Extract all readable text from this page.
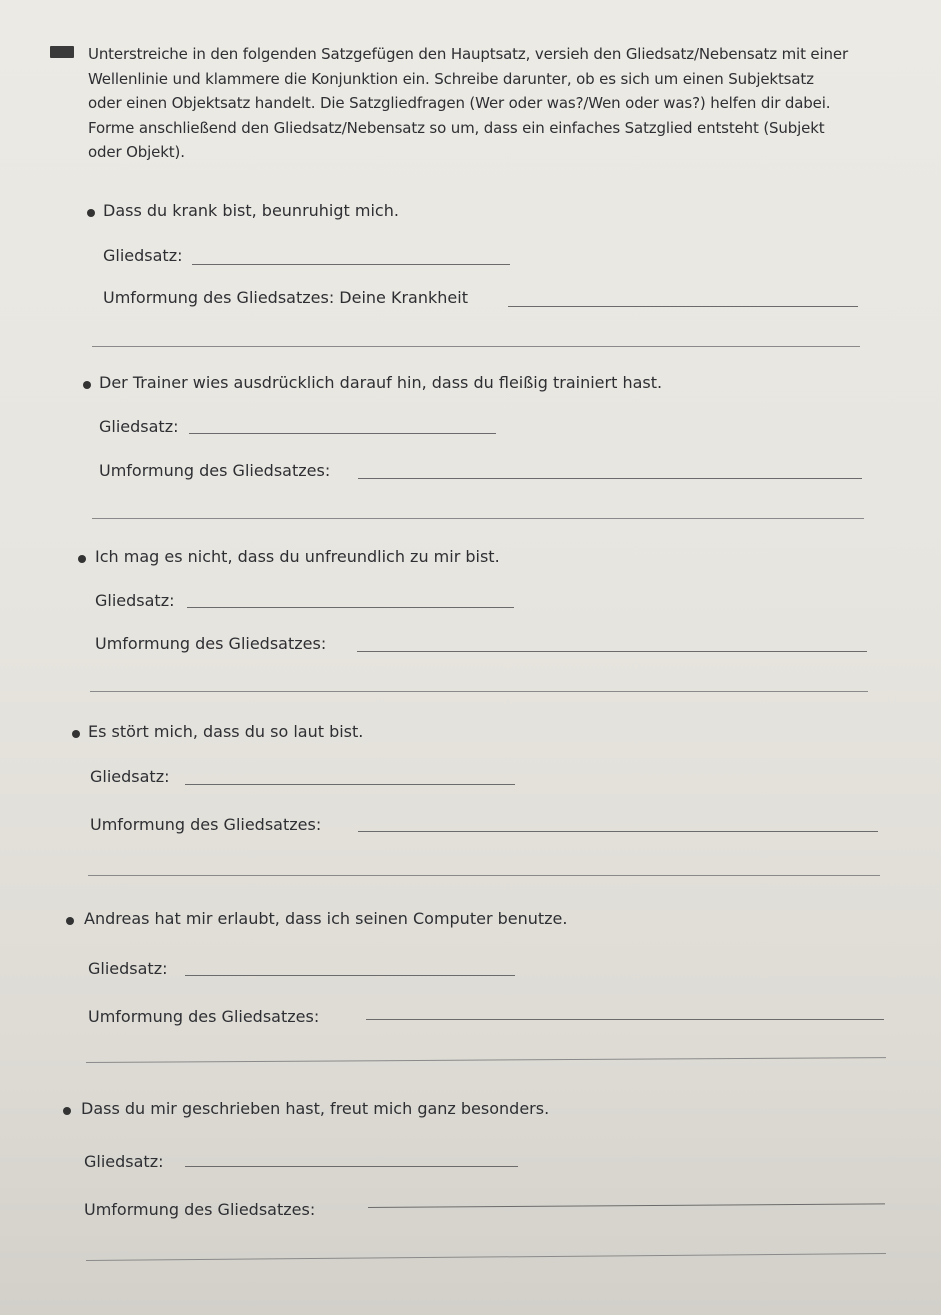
Unterstreiche in den folgenden Satzgefügen den Hauptsatz, versieh den Gliedsatz/Nebensatz mit einer Wellenlinie und klammere die Konjunktion ein. Schreibe darunter, ob es sich um einen Subjektsatz oder einen Objektsatz handelt. Die Satzgliedfragen (Wer oder was?/Wen oder was?) helfen dir dabei. Forme anschließend den Gliedsatz/Nebensatz so um, dass ein einfaches Satzglied entsteht (Subjekt oder Objekt).
Dass du krank bist, beunruhigt mich.
Gliedsatz:
Umformung des Gliedsatzes: Deine Krankheit
Der Trainer wies ausdrücklich darauf hin, dass du fleißig trainiert hast.
Gliedsatz:
Umformung des Gliedsatzes:
Ich mag es nicht, dass du unfreundlich zu mir bist.
Gliedsatz:
Umformung des Gliedsatzes:
Es stört mich, dass du so laut bist.
Gliedsatz:
Umformung des Gliedsatzes:
Andreas hat mir erlaubt, dass ich seinen Computer benutze.
Gliedsatz:
Umformung des Gliedsatzes:
Dass du mir geschrieben hast, freut mich ganz besonders.
Gliedsatz:
Umformung des Gliedsatzes:
